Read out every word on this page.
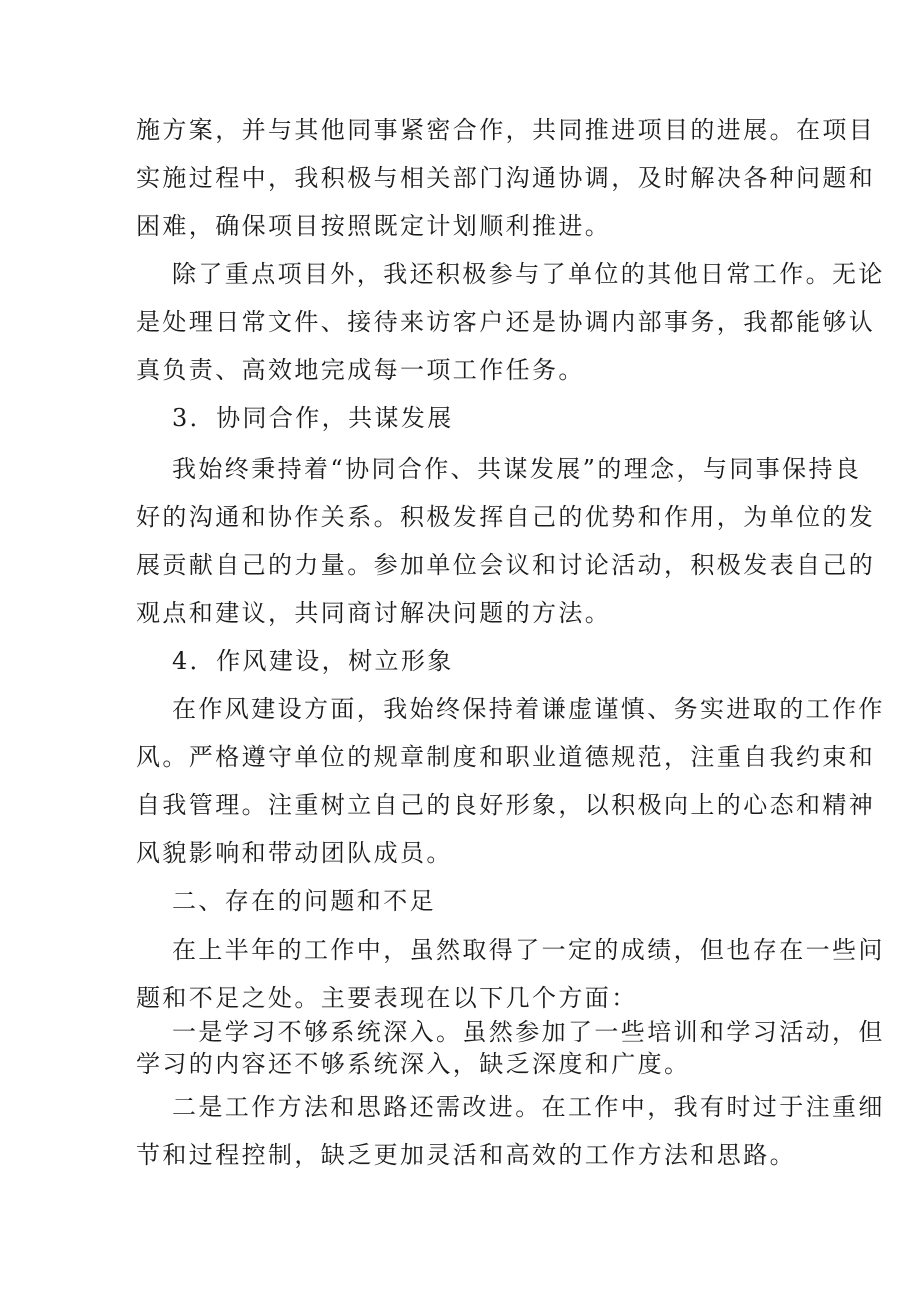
施方案，并与其他同事紧密合作，共同推进项目的进展。在项目
实施过程中，我积极与相关部门沟通协调，及时解决各种问题和
困难，确保项目按照既定计划顺利推进。
除了重点项目外，我还积极参与了单位的其他日常工作。无论
是处理日常文件、接待来访客户还是协调内部事务，我都能够认
真负责、高效地完成每一项工作任务。
3．协同合作，共谋发展
我始终秉持着“协同合作、共谋发展”的理念，与同事保持良
好的沟通和协作关系。积极发挥自己的优势和作用，为单位的发
展贡献自己的力量。参加单位会议和讨论活动，积极发表自己的
观点和建议，共同商讨解决问题的方法。
4．作风建设，树立形象
在作风建设方面，我始终保持着谦虚谨慎、务实进取的工作作
风。严格遵守单位的规章制度和职业道德规范，注重自我约束和
自我管理。注重树立自己的良好形象，以积极向上的心态和精神
风貌影响和带动团队成员。
二、存在的问题和不足
在上半年的工作中，虽然取得了一定的成绩，但也存在一些问
题和不足之处。主要表现在以下几个方面：
一是学习不够系统深入。虽然参加了一些培训和学习活动，但
学习的内容还不够系统深入，缺乏深度和广度。
二是工作方法和思路还需改进。在工作中，我有时过于注重细
节和过程控制，缺乏更加灵活和高效的工作方法和思路。
